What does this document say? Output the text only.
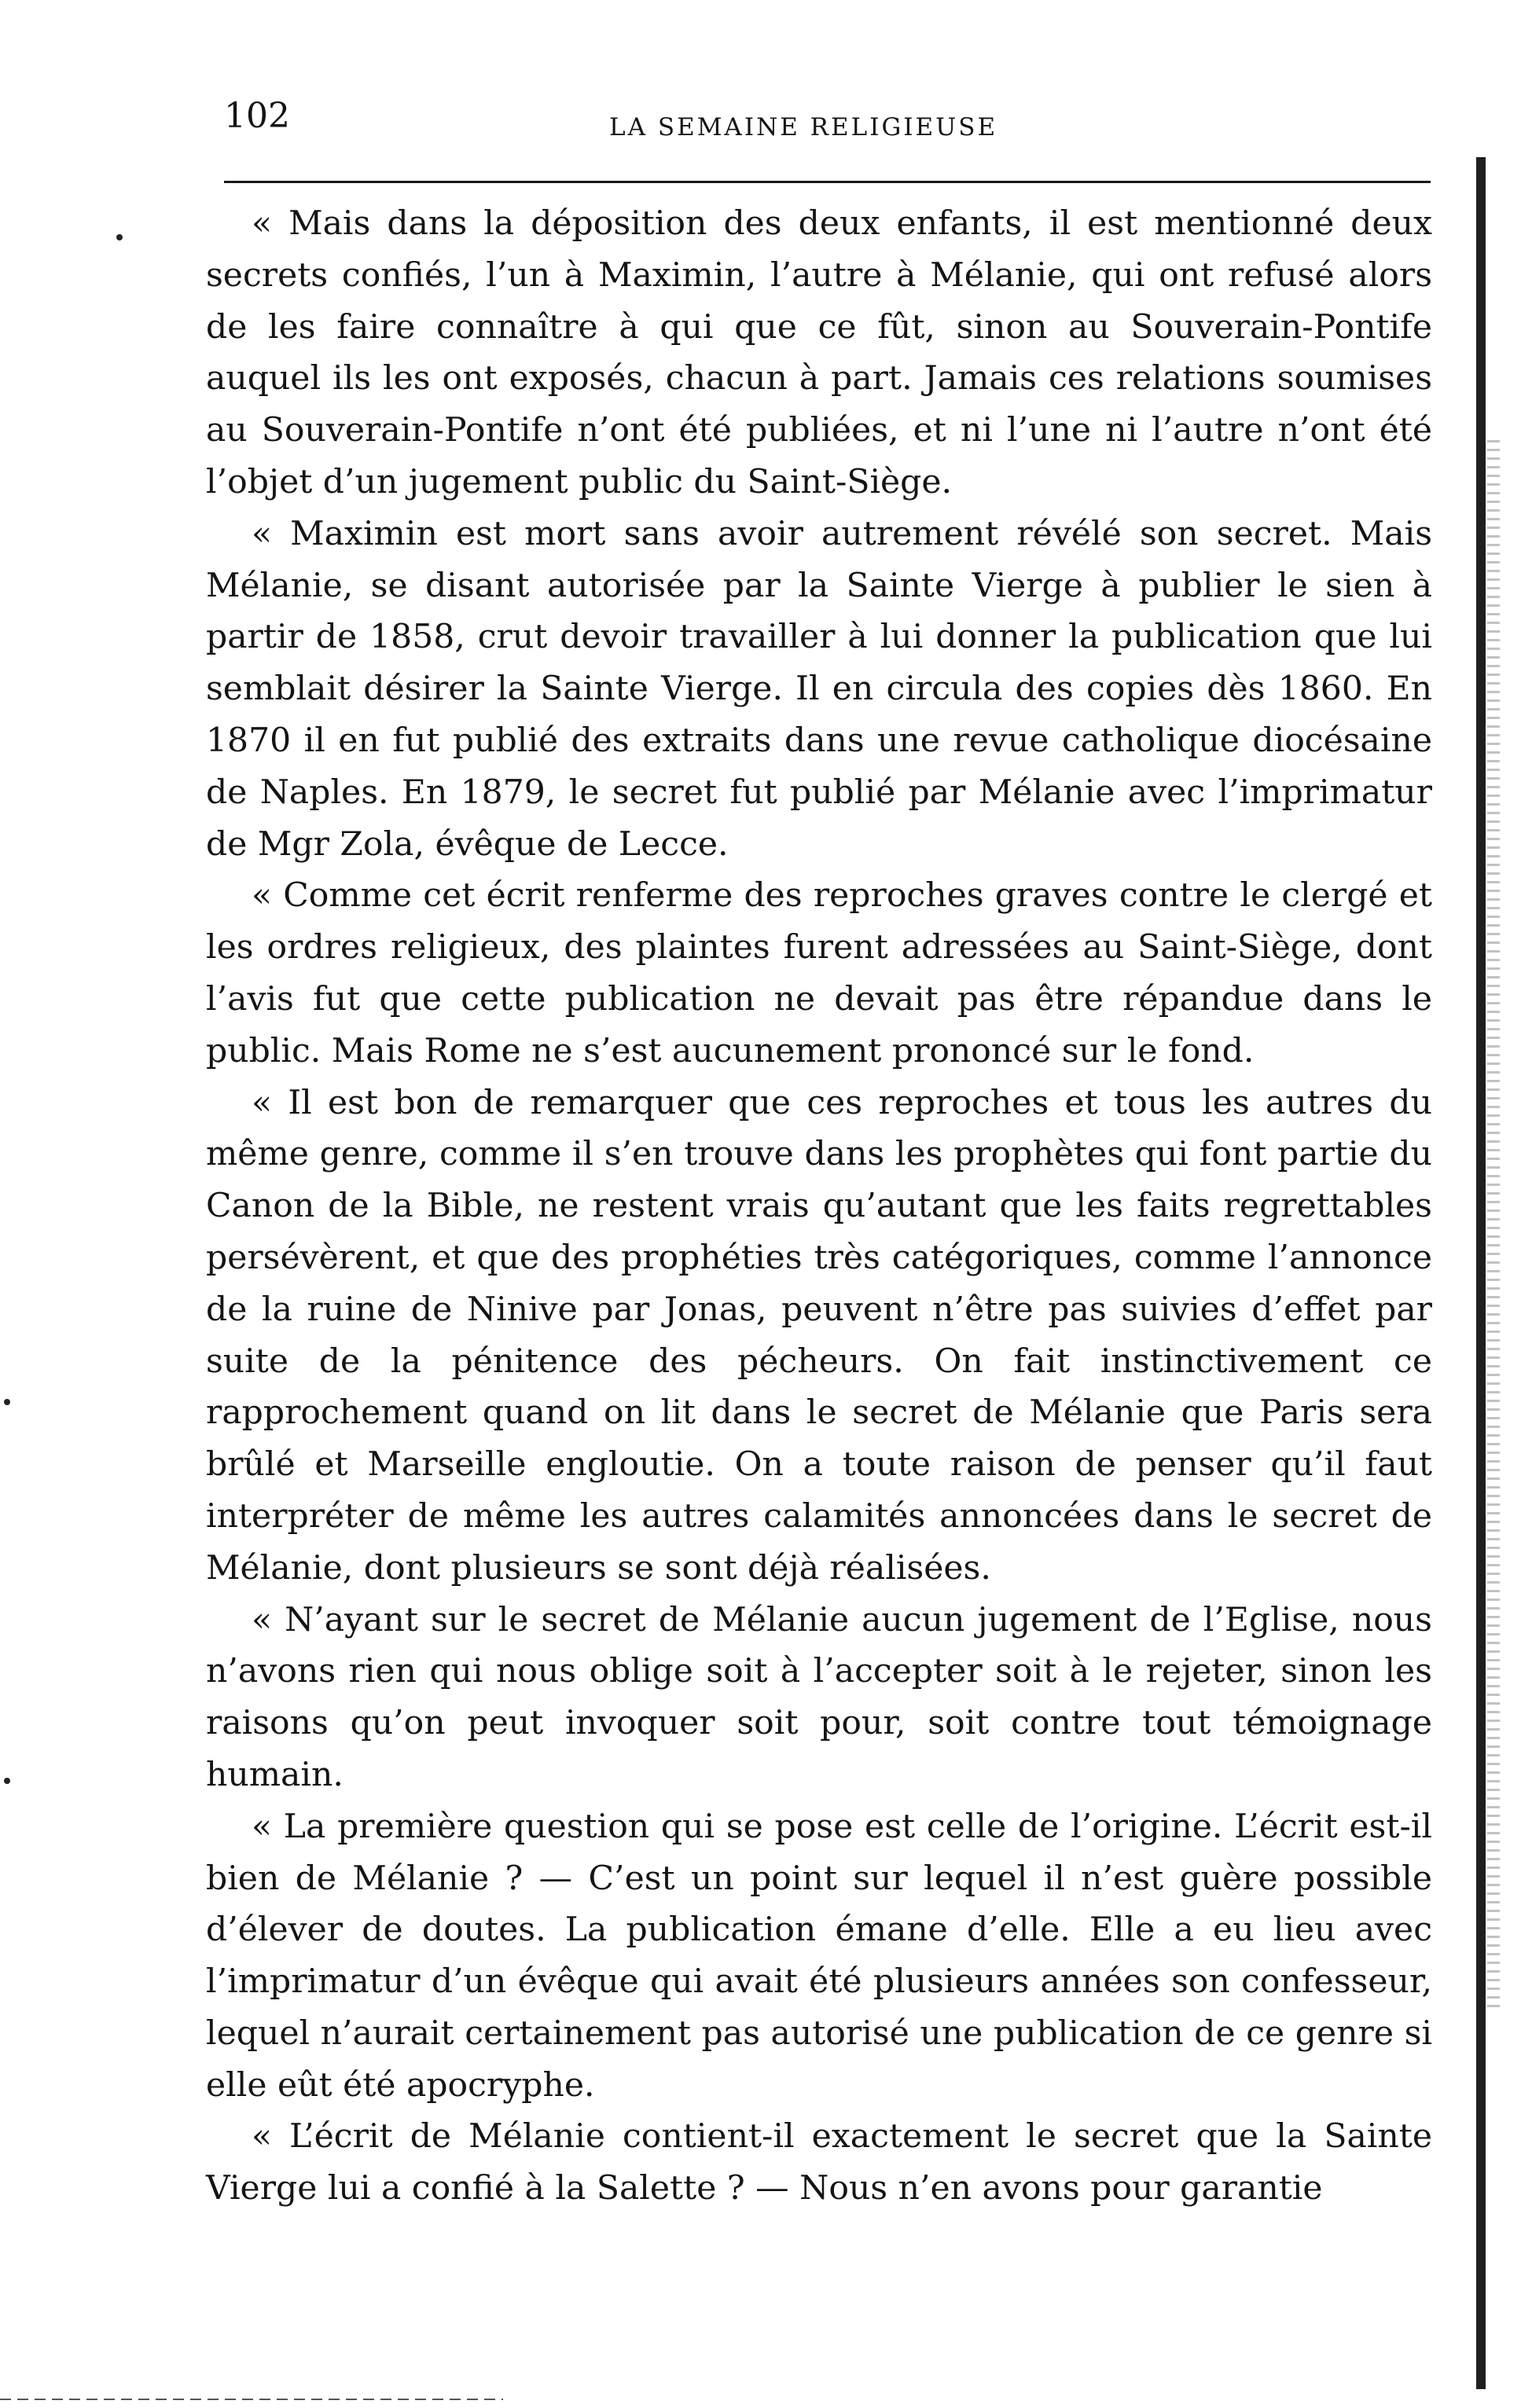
102	LA SEMAINE RELIGIEUSE

« Mais dans la déposition des deux enfants, il est mentionné deux secrets confiés, l’un à Maximin, l’autre à Mélanie, qui ont refusé alors de les faire connaître à qui que ce fût, sinon au Souverain-Pontife auquel ils les ont exposés, chacun à part. Jamais ces relations soumises au Souverain-Pontife n’ont été publiées, et ni l’une ni l’autre n’ont été l’objet d’un jugement public du Saint-Siège.

« Maximin est mort sans avoir autrement révélé son secret. Mais Mélanie, se disant autorisée par la Sainte Vierge à publier le sien à partir de 1858, crut devoir travailler à lui donner la publication que lui semblait désirer la Sainte Vierge. Il en circula des copies dès 1860. En 1870 il en fut publié des extraits dans une revue catholique diocésaine de Naples. En 1879, le secret fut publié par Mélanie avec l’imprimatur de Mgr Zola, évêque de Lecce.

« Comme cet écrit renferme des reproches graves contre le clergé et les ordres religieux, des plaintes furent adressées au Saint-Siège, dont l’avis fut que cette publication ne devait pas être répandue dans le public. Mais Rome ne s’est aucunement prononcé sur le fond.

« Il est bon de remarquer que ces reproches et tous les autres du même genre, comme il s’en trouve dans les prophètes qui font partie du Canon de la Bible, ne restent vrais qu’autant que les faits regrettables persévèrent, et que des prophéties très catégoriques, comme l’annonce de la ruine de Ninive par Jonas, peuvent n’être pas suivies d’effet par suite de la pénitence des pécheurs. On fait instinctivement ce rapprochement quand on lit dans le secret de Mélanie que Paris sera brûlé et Marseille engloutie. On a toute raison de penser qu’il faut interpréter de même les autres calamités annoncées dans le secret de Mélanie, dont plusieurs se sont déjà réalisées.

« N’ayant sur le secret de Mélanie aucun jugement de l’Eglise, nous n’avons rien qui nous oblige soit à l’accepter soit à le rejeter, sinon les raisons qu’on peut invoquer soit pour, soit contre tout témoignage humain.

« La première question qui se pose est celle de l’origine. L’écrit est-il bien de Mélanie ? — C’est un point sur lequel il n’est guère possible d’élever de doutes. La publication émane d’elle. Elle a eu lieu avec l’imprimatur d’un évêque qui avait été plusieurs années son confesseur, lequel n’aurait certainement pas autorisé une publication de ce genre si elle eût été apocryphe.

« L’écrit de Mélanie contient-il exactement le secret que la Sainte Vierge lui a confié à la Salette ? — Nous n’en avons pour garantie
